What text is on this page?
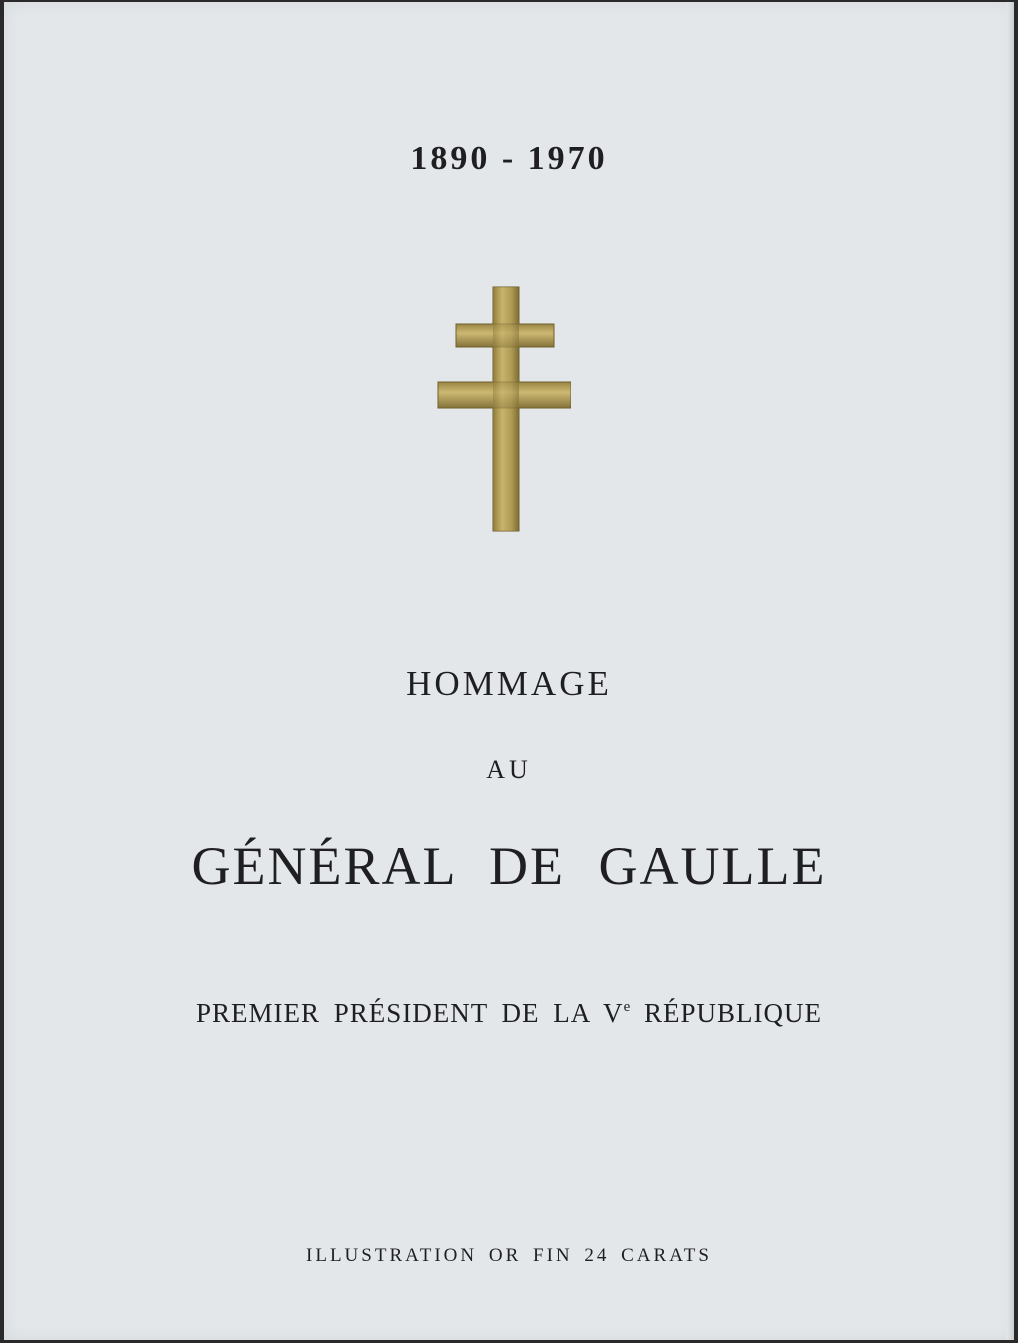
1890 - 1970

HOMMAGE

AU

GÉNÉRAL DE GAULLE

PREMIER PRÉSIDENT DE LA Ve RÉPUBLIQUE

ILLUSTRATION OR FIN 24 CARATS
